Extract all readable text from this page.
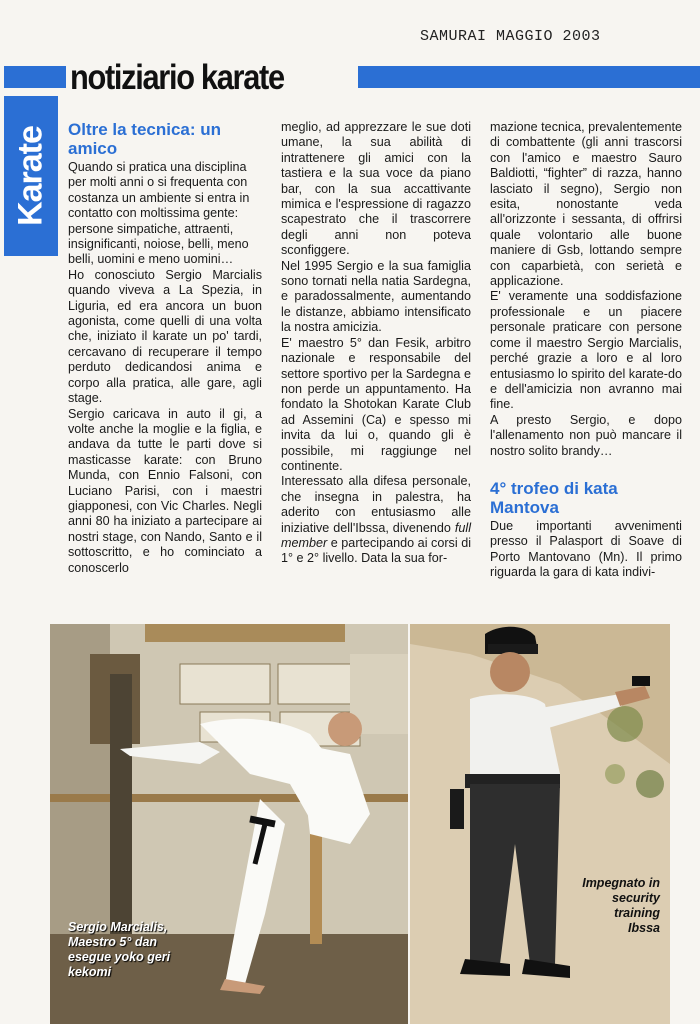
SAMURAI MAGGIO 2003
notiziario karate
Karate Oltre la tecnica: un amico

Quando si pratica una disciplina per molti anni o si frequenta con costanza un ambiente si entra in contatto con moltissima gente: persone simpatiche, attraenti, insignificanti, noiose, belli, meno belli, uomini e meno uomini…

Ho conosciuto Sergio Marcialis quando viveva a La Spezia, in Liguria, ed era ancora un buon agonista, come quelli di una volta che, iniziato il karate un po' tardi, cercavano di recuperare il tempo perduto dedicandosi anima e corpo alla pratica, alle gare, agli stage.

Sergio caricava in auto il gi, a volte anche la moglie e la figlia, e andava da tutte le parti dove si masticasse karate: con Bruno Munda, con Ennio Falsoni, con Luciano Parisi, con i maestri giapponesi, con Vic Charles. Negli anni 80 ha iniziato a partecipare ai nostri stage, con Nando, Santo e il sottoscritto, e ho cominciato a conoscerlo

meglio, ad apprezzare le sue doti umane, la sua abilità di intrattenere gli amici con la tastiera e la sua voce da piano bar, con la sua accattivante mimica e l'espressione di ragazzo scapestrato che il trascorrere degli anni non poteva sconfiggere.

Nel 1995 Sergio e la sua famiglia sono tornati nella natia Sardegna, e paradossalmente, aumentando le distanze, abbiamo intensificato la nostra amicizia.

E' maestro 5° dan Fesik, arbitro nazionale e responsabile del settore sportivo per la Sardegna e non perde un appuntamento. Ha fondato la Shotokan Karate Club ad Assemini (Ca) e spesso mi invita da lui o, quando gli è possibile, mi raggiunge nel continente.

Interessato alla difesa personale, che insegna in palestra, ha aderito con entusiasmo alle iniziative dell'Ibssa, divenendo full member e partecipando ai corsi di 1° e 2° livello. Data la sua for-

mazione tecnica, prevalentemente di combattente (gli anni trascorsi con l'amico e maestro Sauro Baldiotti, “fighter” di razza, hanno lasciato il segno), Sergio non esita, nonostante veda all'orizzonte i sessanta, di offrirsi quale volontario alle buone maniere di Gsb, lottando sempre con caparbietà, con serietà e applicazione.

E' veramente una soddisfazione professionale e un piacere personale praticare con persone come il maestro Sergio Marcialis, perché grazie a loro e al loro entusiasmo lo spirito del karate-do e dell'amicizia non avranno mai fine.

A presto Sergio, e dopo l'allenamento non può mancare il nostro solito brandy…

4° trofeo di kata Mantova

Due importanti avvenimenti presso il Palasport di Soave di Porto Mantovano (Mn). Il primo riguarda la gara di kata indivi-

Sergio Marcialis,
Maestro 5° dan
esegue yoko geri
kekomi
Impegnato in
security
training
Ibssa
